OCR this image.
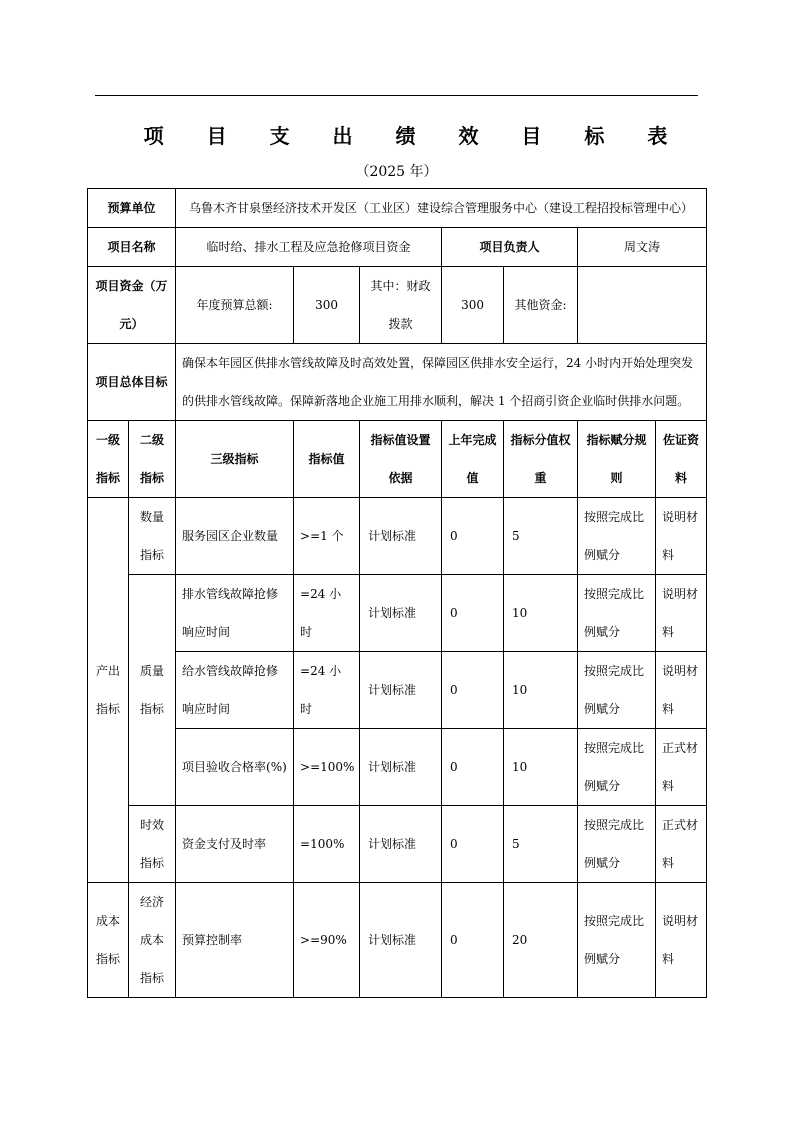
项 目 支 出 绩 效 目 标 表
（2025 年）
预算单位		乌鲁木齐甘泉堡经济技术开发区（工业区）建设综合管理服务中心（建设工程招投标管理中心）						
项目名称		临时给、排水工程及应急抢修项目资金			项目负责人		周文涛	
项目资金（万元）		年度预算总额:	300	其中：财政拨款	300	其他资金:		
项目总体目标		确保本年园区供排水管线故障及时高效处置，保障园区供排水安全运行，24 小时内开始处理突发的供排水管线故障。保障新落地企业施工用排水顺利，解决 1 个招商引资企业临时供排水问题。						
一级指标	二级指标	三级指标	指标值	指标值设置依据	上年完成值	指标分值权重	指标赋分规则	佐证资料
产出指标	数量指标	服务园区企业数量	>=1 个	计划标准	0	5	按照完成比例赋分	说明材料
	质量指标	排水管线故障抢修响应时间	=24 小时	计划标准	0	10	按照完成比例赋分	说明材料
		给水管线故障抢修响应时间	=24 小时	计划标准	0	10	按照完成比例赋分	说明材料
		项目验收合格率(%)	>=100%	计划标准	0	10	按照完成比例赋分	正式材料
	时效指标	资金支付及时率	=100%	计划标准	0	5	按照完成比例赋分	正式材料
成本指标	经济成本指标	预算控制率	>=90%	计划标准	0	20	按照完成比例赋分	说明材料
